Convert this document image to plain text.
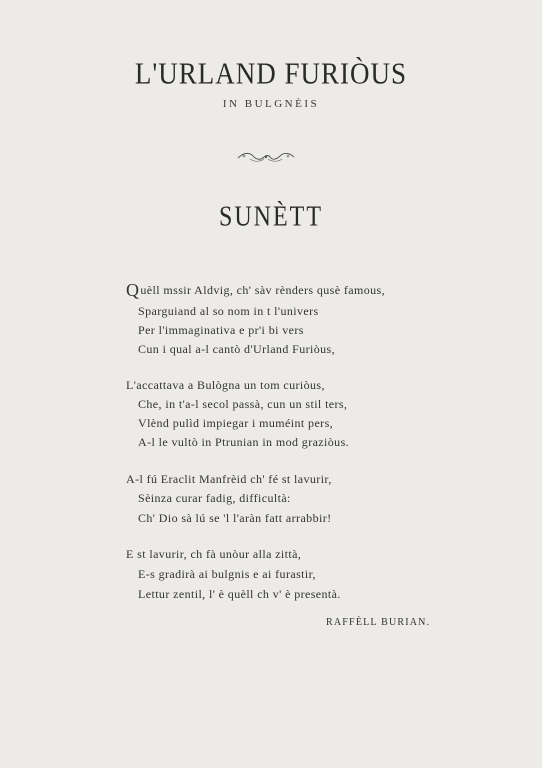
L'URLAND FURIÒUS
IN BULGNÈIS
SUNÈTT
Quèll mssir Aldvig, ch' sàv rènders qusè famous,
Sparguiand al so nom in t l'univers
Per l'immaginativa e pr'i bi vers
Cun i qual a-l cantò d'Urland Furiòus,
L'accattava a Bulògna un tom curiòus,
Che, in t'a-l secol passà, cun un stil ters,
Vlènd pulìd impiegar i muméint pers,
A-l le vultò in Ptrunian in mod graziòus.
A-l fú Eraclit Manfrèid ch' fé st lavurir,
Sèinza curar fadig, difficultà:
Ch' Dio sà lú se 'l l'aràn fatt arrabbir!
E st lavurir, ch fà unòur alla zittà,
E-s gradirà ai bulgnis e ai furastir,
Lettur zentil, l' è quèll ch v' è presentà.
RAFFÈLL BURIAN.
